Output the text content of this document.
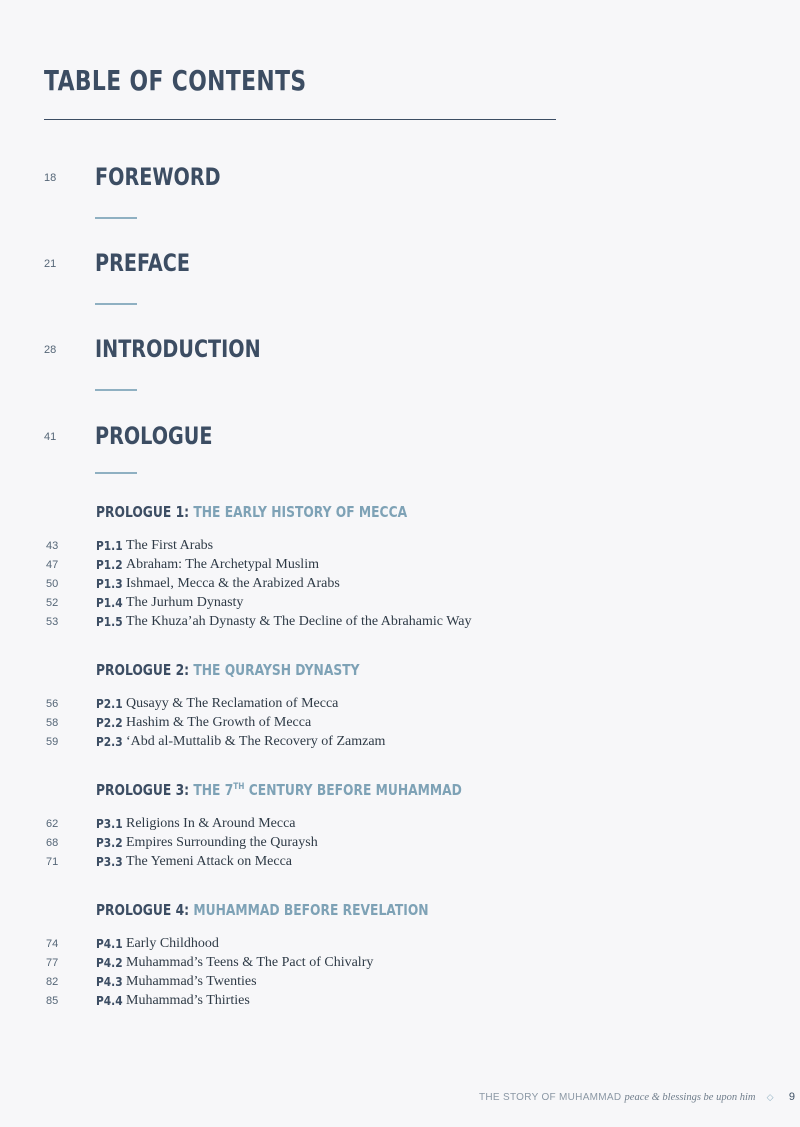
TABLE OF CONTENTS
18 FOREWORD
21 PREFACE
28 INTRODUCTION
41 PROLOGUE
PROLOGUE 1: THE EARLY HISTORY OF MECCA
43	P1.1 The First Arabs
47	P1.2 Abraham: The Archetypal Muslim
50	P1.3 Ishmael, Mecca & the Arabized Arabs
52	P1.4 The Jurhum Dynasty
53	P1.5 The Khuza’ah Dynasty & The Decline of the Abrahamic Way
PROLOGUE 2: THE QURAYSH DYNASTY
56	P2.1 Qusayy & The Reclamation of Mecca
58	P2.2 Hashim & The Growth of Mecca
59	P2.3 ‘Abd al-Muttalib & The Recovery of Zamzam
PROLOGUE 3: THE 7TH CENTURY BEFORE MUHAMMAD
62	P3.1 Religions In & Around Mecca
68	P3.2 Empires Surrounding the Quraysh
71	P3.3 The Yemeni Attack on Mecca
PROLOGUE 4: MUHAMMAD BEFORE REVELATION
74	P4.1 Early Childhood
77	P4.2 Muhammad’s Teens & The Pact of Chivalry
82	P4.3 Muhammad’s Twenties
85	P4.4 Muhammad’s Thirties
THE STORY OF MUHAMMAD peace & blessings be upon him ◇ 9
